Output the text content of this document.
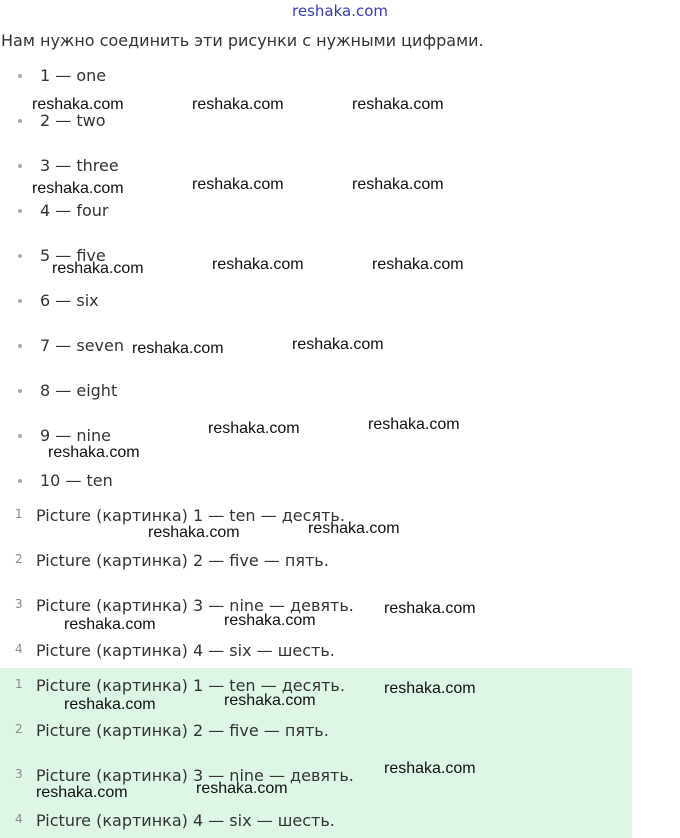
reshaka.com
Нам нужно соединить эти рисунки с нужными цифрами.
1 — one
2 — two
3 — three
4 — four
5 — five
6 — six
7 — seven
8 — eight
9 — nine
10 — ten
1 Picture (картинка) 1 — ten — десять.
2 Picture (картинка) 2 — five — пять.
3 Picture (картинка) 3 — nine — девять.
4 Picture (картинка) 4 — six — шесть.
1 Picture (картинка) 1 — ten — десять.
2 Picture (картинка) 2 — five — пять.
3 Picture (картинка) 3 — nine — девять.
4 Picture (картинка) 4 — six — шесть.
reshaka.com	reshaka.com	reshaka.com
reshaka.com	reshaka.com	reshaka.com
reshaka.com	reshaka.com	reshaka.com
reshaka.com	reshaka.com
reshaka.com	reshaka.com
reshaka.com
reshaka.com	reshaka.com
reshaka.com
reshaka.com	reshaka.com
reshaka.com
reshaka.com	reshaka.com
reshaka.com
reshaka.com	reshaka.com
